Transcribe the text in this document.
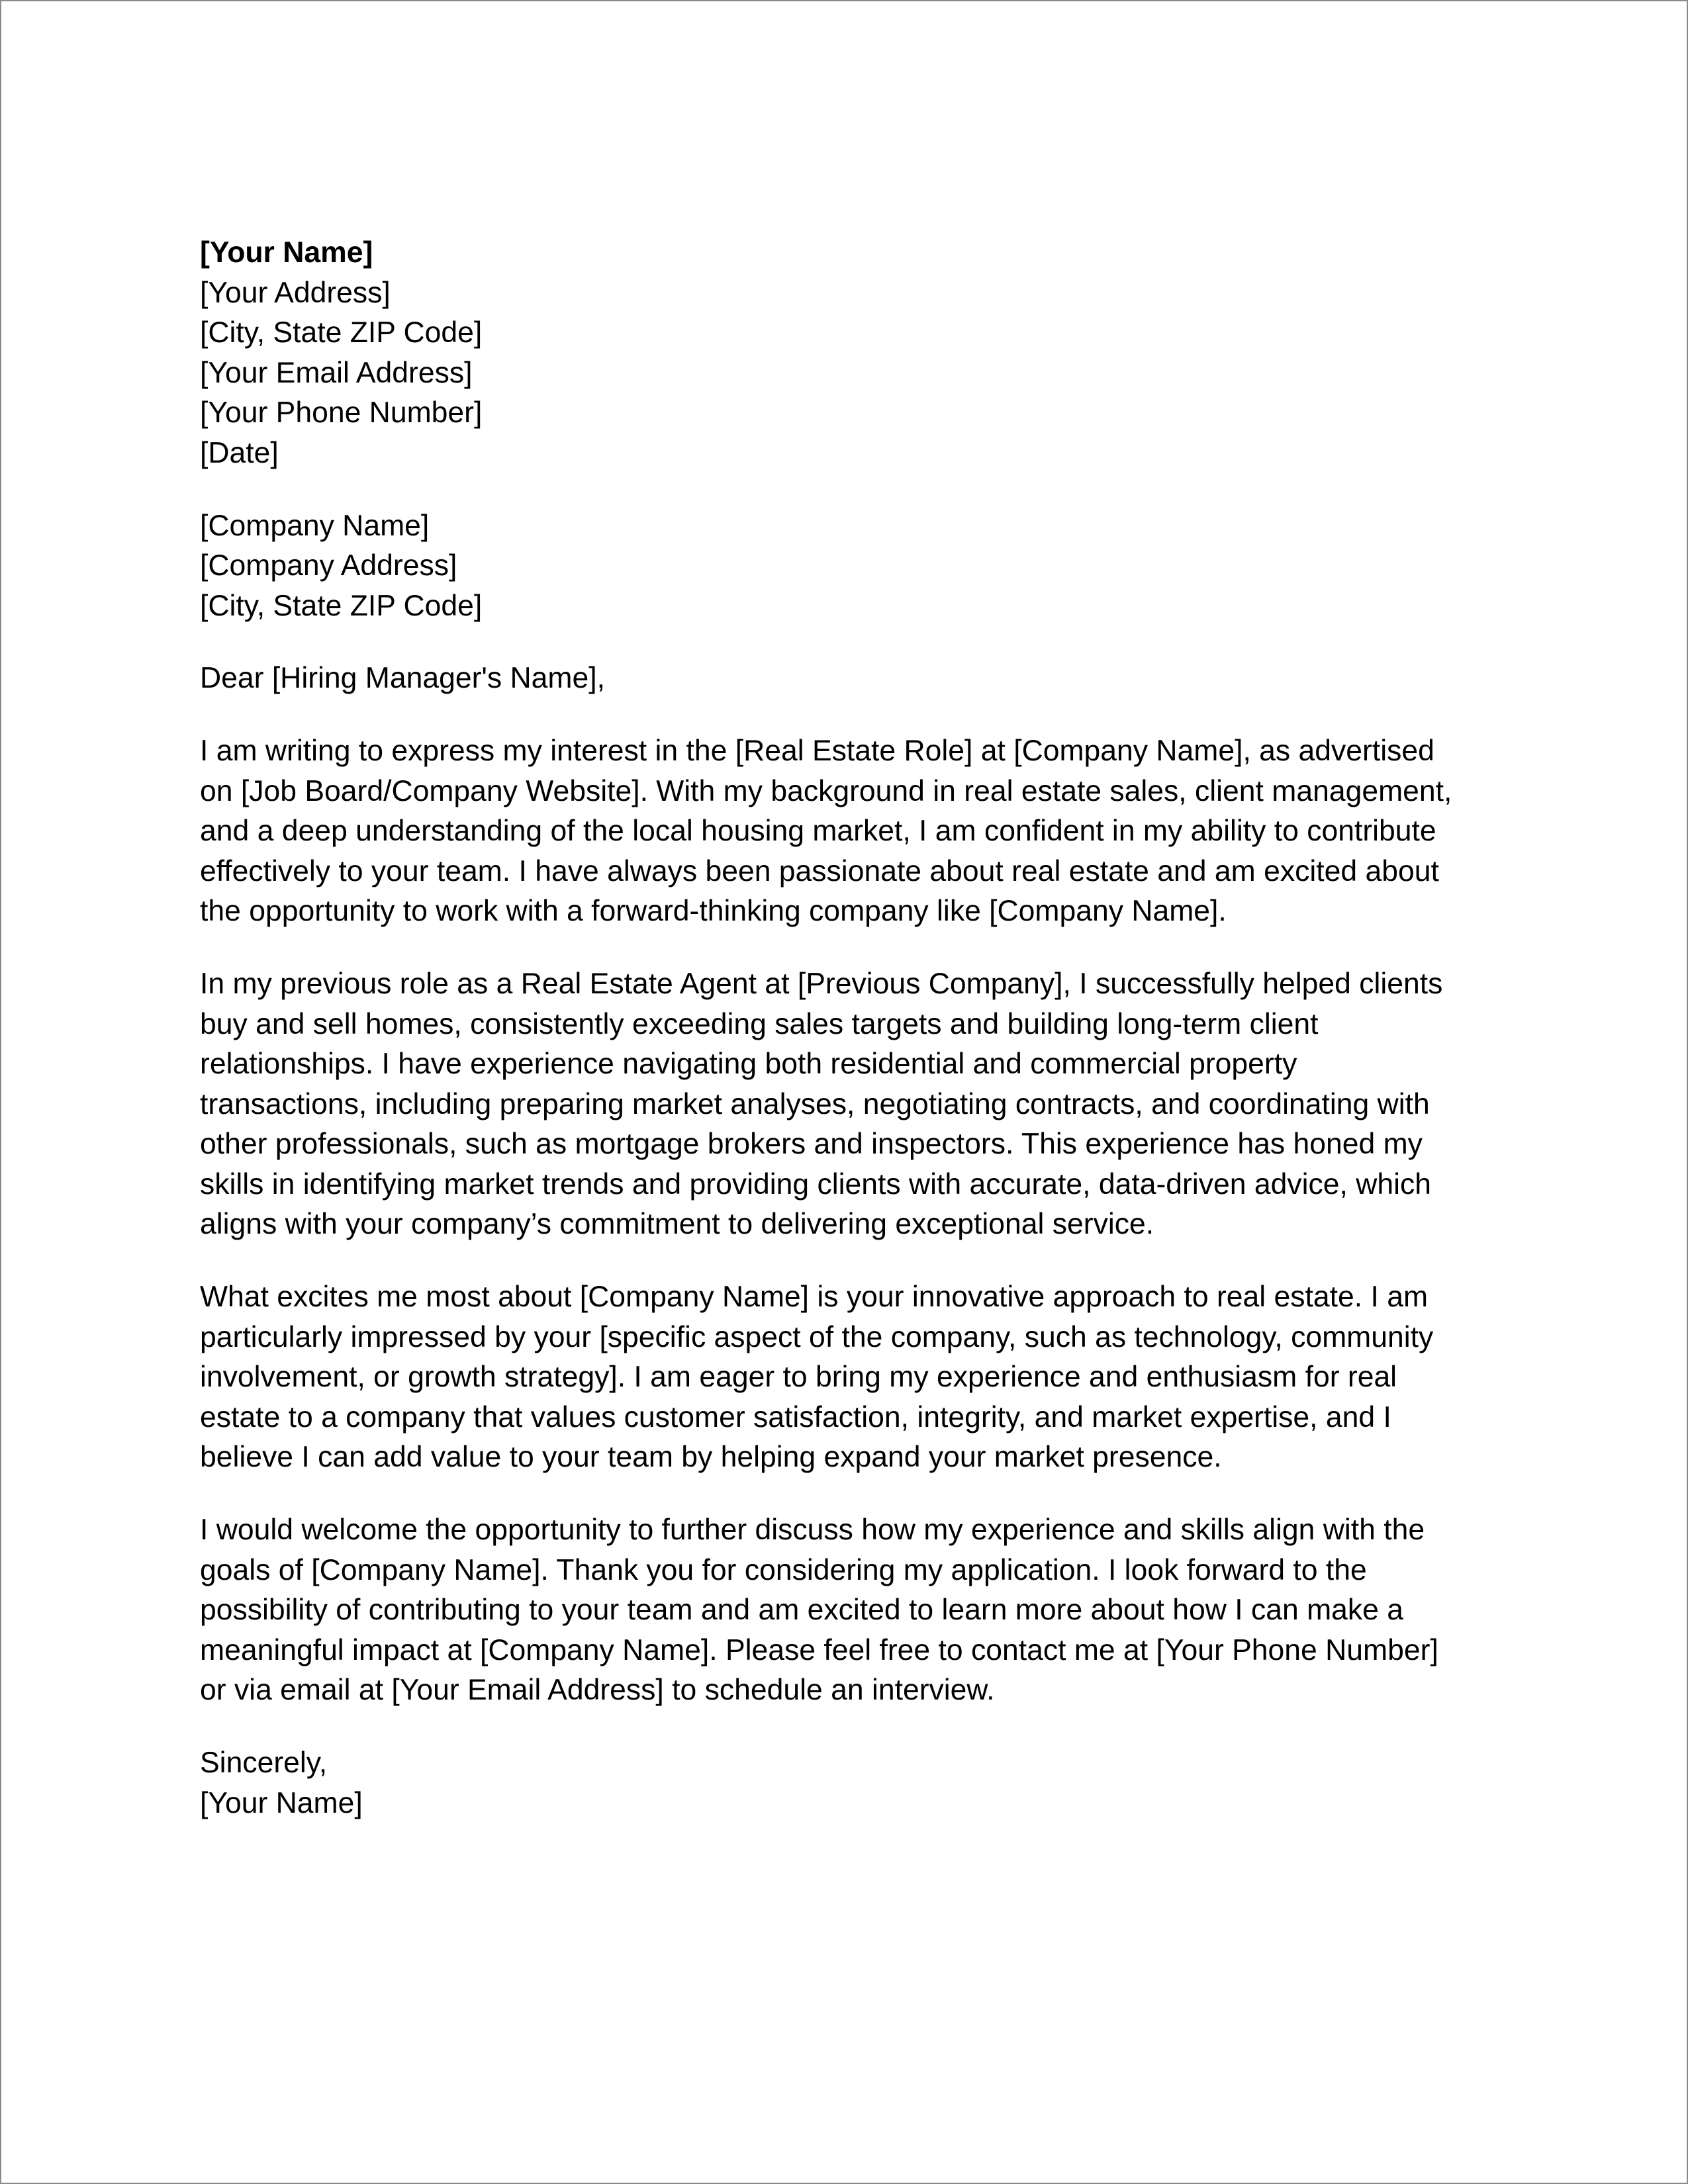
[Your Name]
[Your Address]
[City, State ZIP Code]
[Your Email Address]
[Your Phone Number]
[Date]
[Company Name]
[Company Address]
[City, State ZIP Code]
Dear [Hiring Manager's Name],

I am writing to express my interest in the [Real Estate Role] at [Company Name], as advertised
on [Job Board/Company Website]. With my background in real estate sales, client management,
and a deep understanding of the local housing market, I am confident in my ability to contribute
effectively to your team. I have always been passionate about real estate and am excited about
the opportunity to work with a forward-thinking company like [Company Name].

In my previous role as a Real Estate Agent at [Previous Company], I successfully helped clients
buy and sell homes, consistently exceeding sales targets and building long-term client
relationships. I have experience navigating both residential and commercial property
transactions, including preparing market analyses, negotiating contracts, and coordinating with
other professionals, such as mortgage brokers and inspectors. This experience has honed my
skills in identifying market trends and providing clients with accurate, data-driven advice, which
aligns with your company’s commitment to delivering exceptional service.

What excites me most about [Company Name] is your innovative approach to real estate. I am
particularly impressed by your [specific aspect of the company, such as technology, community
involvement, or growth strategy]. I am eager to bring my experience and enthusiasm for real
estate to a company that values customer satisfaction, integrity, and market expertise, and I
believe I can add value to your team by helping expand your market presence.

I would welcome the opportunity to further discuss how my experience and skills align with the
goals of [Company Name]. Thank you for considering my application. I look forward to the
possibility of contributing to your team and am excited to learn more about how I can make a
meaningful impact at [Company Name]. Please feel free to contact me at [Your Phone Number]
or via email at [Your Email Address] to schedule an interview.

Sincerely,
[Your Name]
